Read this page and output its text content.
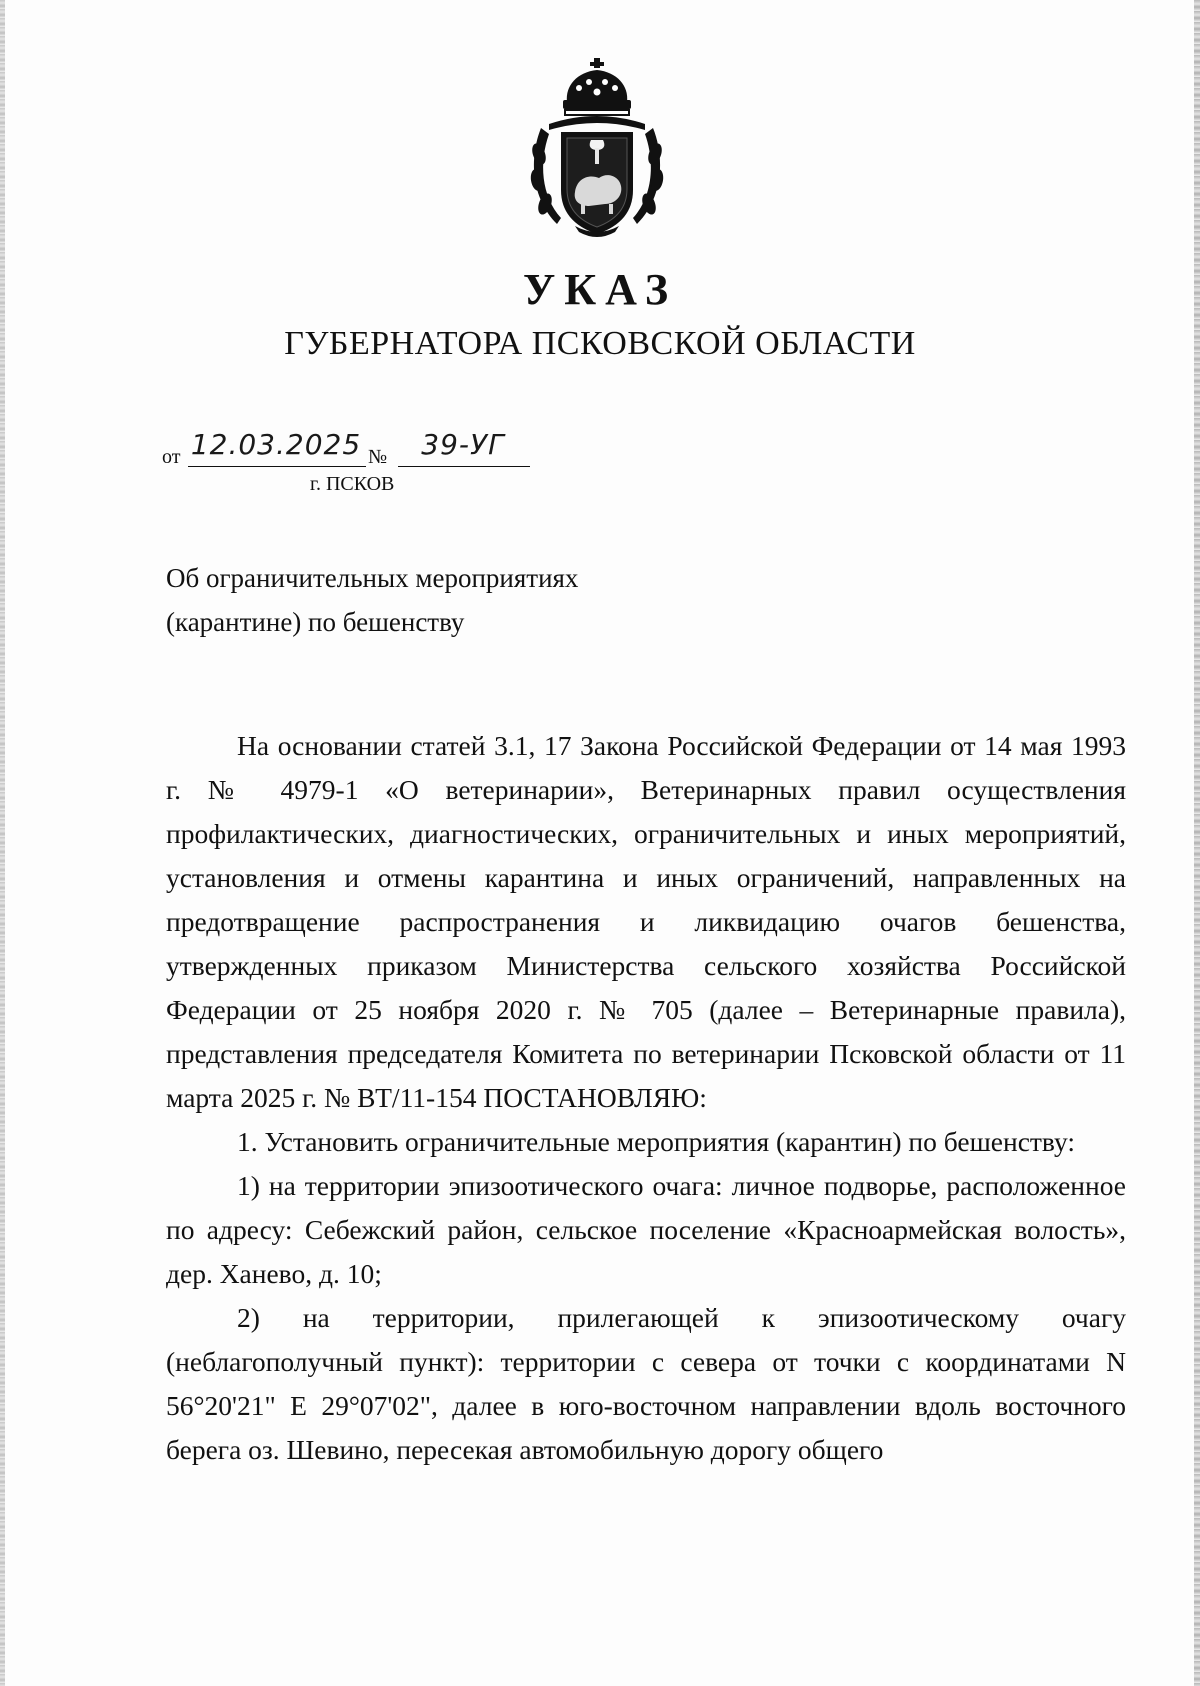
УКАЗ
ГУБЕРНАТОРА ПСКОВСКОЙ ОБЛАСТИ
от 12.03.2025 №	39-УГ
г. ПСКОВ
Об ограничительных мероприятиях
(карантине) по бешенству

На основании статей 3.1, 17 Закона Российской Федерации от 14 мая 1993 г. № 4979-1 «О ветеринарии», Ветеринарных правил осуществления профилактических, диагностических, ограничительных и иных мероприятий, установления и отмены карантина и иных ограничений, направленных на предотвращение распространения и ликвидацию очагов бешенства, утвержденных приказом Министерства сельского хозяйства Российской Федерации от 25 ноября 2020 г. № 705 (далее – Ветеринарные правила), представления председателя Комитета по ветеринарии Псковской области от 11 марта 2025 г. № ВТ/11-154 ПОСТАНОВЛЯЮ:

1. Установить ограничительные мероприятия (карантин) по бешенству:

1) на территории эпизоотического очага: личное подворье, расположенное по адресу: Себежский район, сельское поселение «Красноармейская волость», дер. Ханево, д. 10;

2) на территории, прилегающей к эпизоотическому очагу (неблагополучный пункт): территории с севера от точки с координатами N 56°20'21" E 29°07'02", далее в юго-восточном направлении вдоль восточного берега оз. Шевино, пересекая автомобильную дорогу общего
